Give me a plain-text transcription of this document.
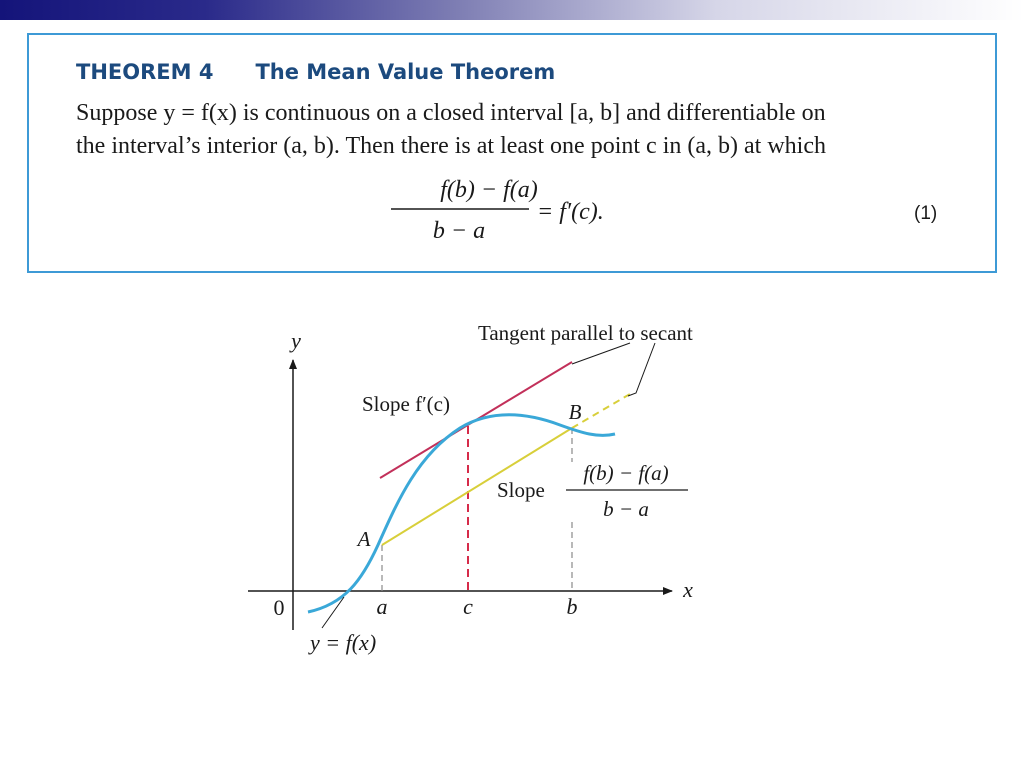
THEOREM 4 The Mean Value Theorem
Suppose y = f(x) is continuous on a closed interval [a, b] and differentiable on
the interval’s interior (a, b). Then there is at least one point c in (a, b) at which
f(b) − f(a)
b − a
= f′(c).	(1)
y
x
0	a	c	b
A
B
y = f(x)
Tangent parallel to secant
Slope f′(c)
Slope
f(b) − f(a)
b − a
